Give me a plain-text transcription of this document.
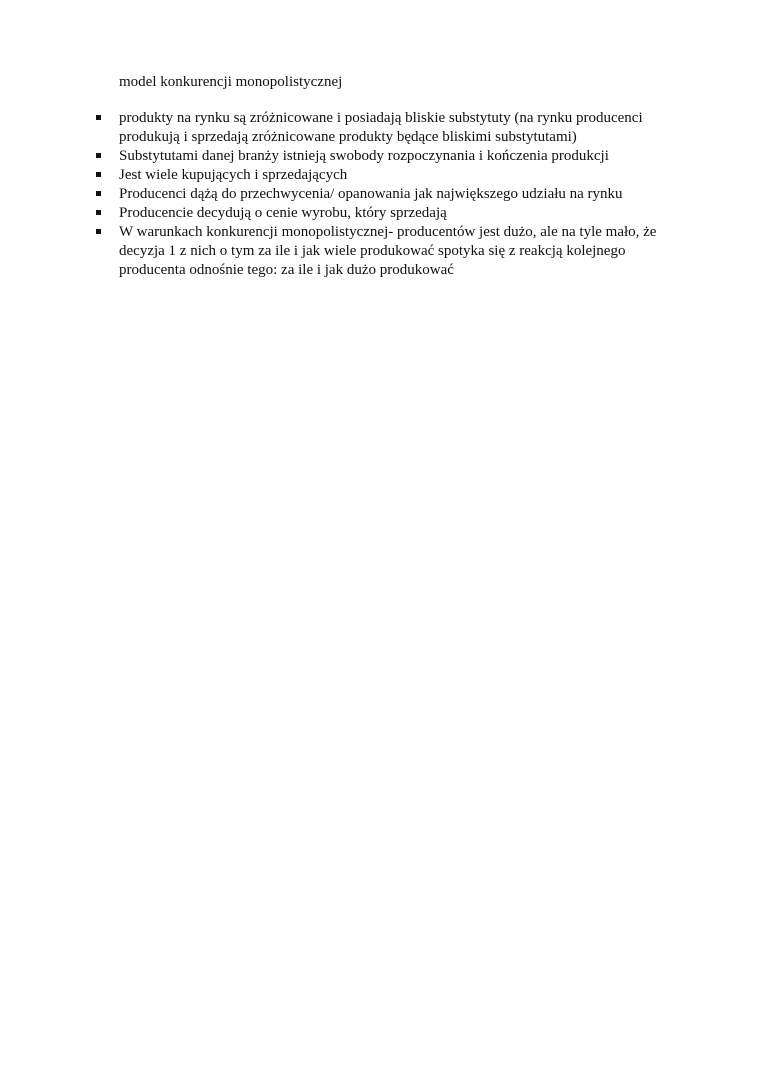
model konkurencji monopolistycznej
produkty na rynku są zróżnicowane i posiadają bliskie substytuty (na rynku producenci produkują i sprzedają zróżnicowane produkty będące bliskimi substytutami)
Substytutami danej branży istnieją swobody rozpoczynania i kończenia produkcji
Jest wiele kupujących i sprzedających
Producenci dążą do przechwycenia/ opanowania jak największego udziału na rynku
Producencie decydują o cenie wyrobu, który sprzedają
W warunkach konkurencji monopolistycznej- producentów jest dużo, ale na tyle mało, że decyzja 1 z nich o tym za ile i jak wiele produkować spotyka się z reakcją kolejnego producenta odnośnie tego: za ile i jak dużo produkować
